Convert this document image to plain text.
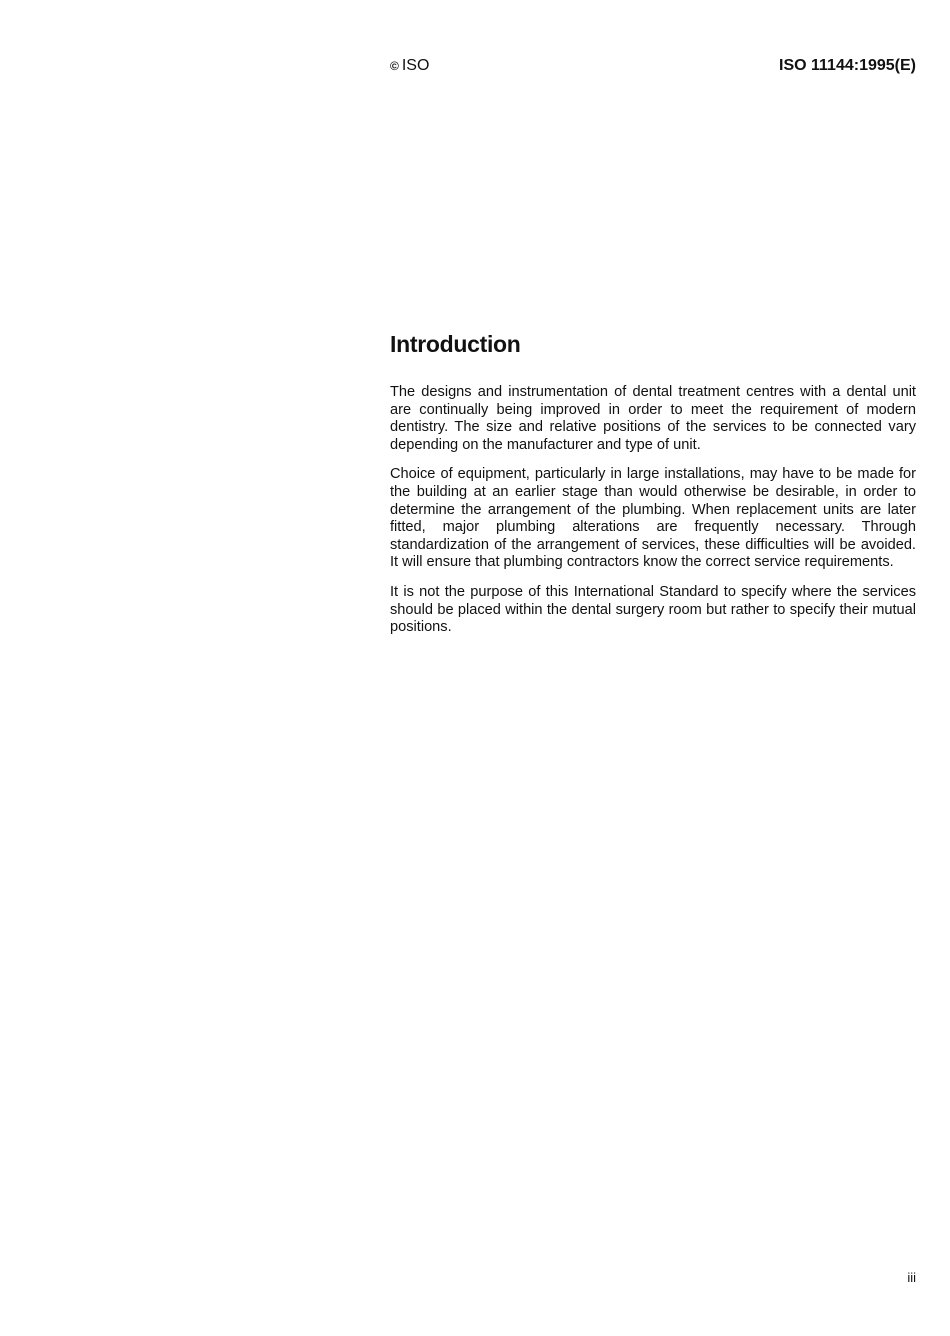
© ISO	ISO 11144:1995(E)
Introduction

The designs and instrumentation of dental treatment centres with a dental unit are continually being improved in order to meet the requirement of modern dentistry. The size and relative positions of the services to be connected vary depending on the manufacturer and type of unit.

Choice of equipment, particularly in large installations, may have to be made for the building at an earlier stage than would otherwise be desirable, in order to determine the arrangement of the plumbing. When replacement units are later fitted, major plumbing alterations are frequently necessary. Through standardization of the arrangement of services, these difficulties will be avoided. It will ensure that plumbing contractors know the correct service requirements.

It is not the purpose of this International Standard to specify where the services should be placed within the dental surgery room but rather to specify their mutual positions.

iii
